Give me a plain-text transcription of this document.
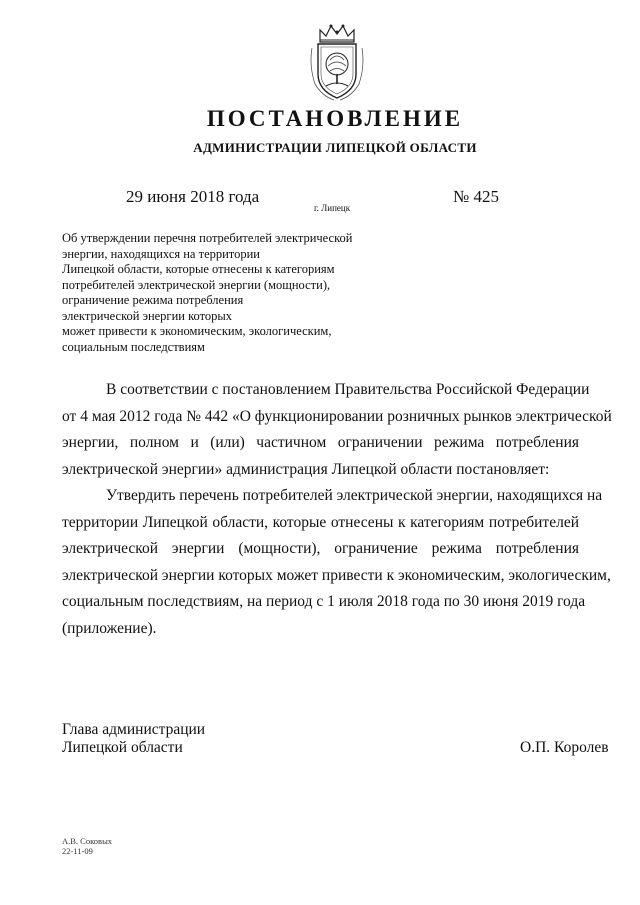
ПОСТАНОВЛЕНИЕ
АДМИНИСТРАЦИИ ЛИПЕЦКОЙ ОБЛАСТИ
29 июня 2018 года
г. Липецк
№ 425
Об утверждении перечня потребителей электрической
энергии, находящихся на территории
Липецкой области, которые отнесены к категориям
потребителей электрической энергии (мощности),
ограничение режима потребления
электрической энергии которых
может привести к экономическим, экологическим,
социальным последствиям
В соответствии с постановлением Правительства Российской Федерации
от 4 мая 2012 года № 442 «О функционировании розничных рынков электрической
энергии, полном и (или) частичном ограничении режима потребления
электрической энергии» администрация Липецкой области постановляет:
Утвердить перечень потребителей электрической энергии, находящихся на
территории Липецкой области, которые отнесены к категориям потребителей
электрической энергии (мощности), ограничение режима потребления
электрической энергии которых может привести к экономическим, экологическим,
социальным последствиям, на период с 1 июля 2018 года по 30 июня 2019 года
(приложение).
Глава администрации
Липецкой области	О.П. Королев
А.В. Соковых
22-11-09
